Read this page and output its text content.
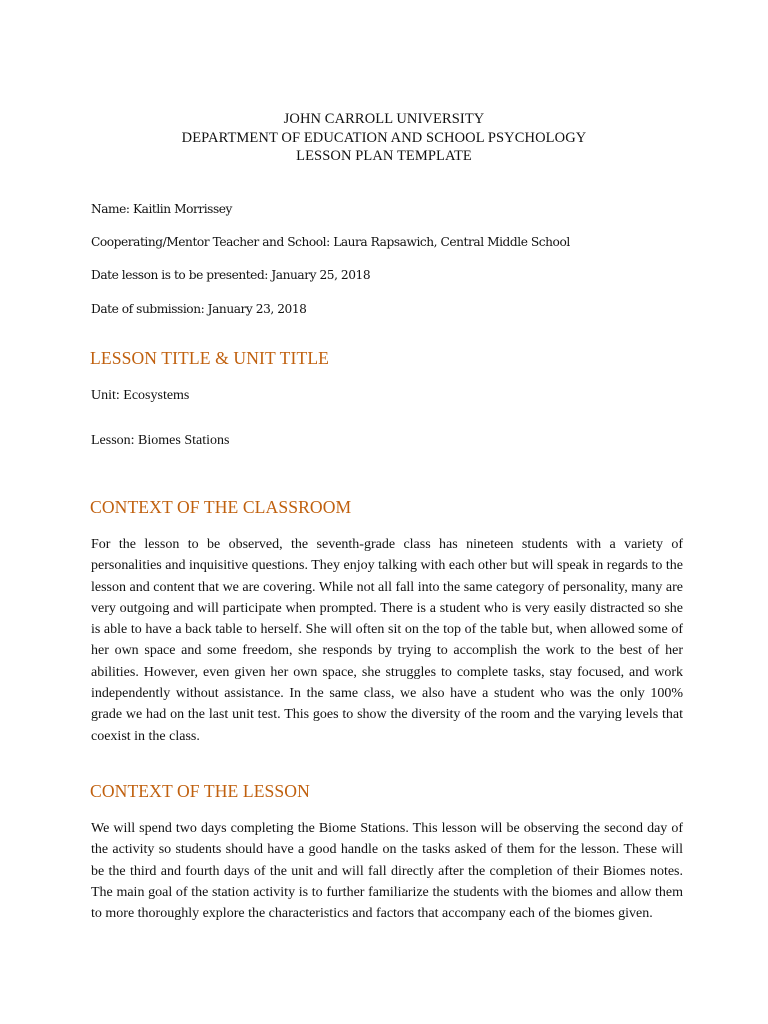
JOHN CARROLL UNIVERSITY
DEPARTMENT OF EDUCATION AND SCHOOL PSYCHOLOGY
LESSON PLAN TEMPLATE
Name: Kaitlin Morrissey
Cooperating/Mentor Teacher and School: Laura Rapsawich, Central Middle School
Date lesson is to be presented: January 25, 2018
Date of submission: January 23, 2018
LESSON TITLE & UNIT TITLE
Unit: Ecosystems
Lesson: Biomes Stations
CONTEXT OF THE CLASSROOM

For the lesson to be observed, the seventh-grade class has nineteen students with a variety of personalities and inquisitive questions. They enjoy talking with each other but will speak in regards to the lesson and content that we are covering. While not all fall into the same category of personality, many are very outgoing and will participate when prompted. There is a student who is very easily distracted so she is able to have a back table to herself. She will often sit on the top of the table but, when allowed some of her own space and some freedom, she responds by trying to accomplish the work to the best of her abilities. However, even given her own space, she struggles to complete tasks, stay focused, and work independently without assistance. In the same class, we also have a student who was the only 100% grade we had on the last unit test. This goes to show the diversity of the room and the varying levels that coexist in the class.

CONTEXT OF THE LESSON

We will spend two days completing the Biome Stations. This lesson will be observing the second day of the activity so students should have a good handle on the tasks asked of them for the lesson. These will be the third and fourth days of the unit and will fall directly after the completion of their Biomes notes. The main goal of the station activity is to further familiarize the students with the biomes and allow them to more thoroughly explore the characteristics and factors that accompany each of the biomes given.
